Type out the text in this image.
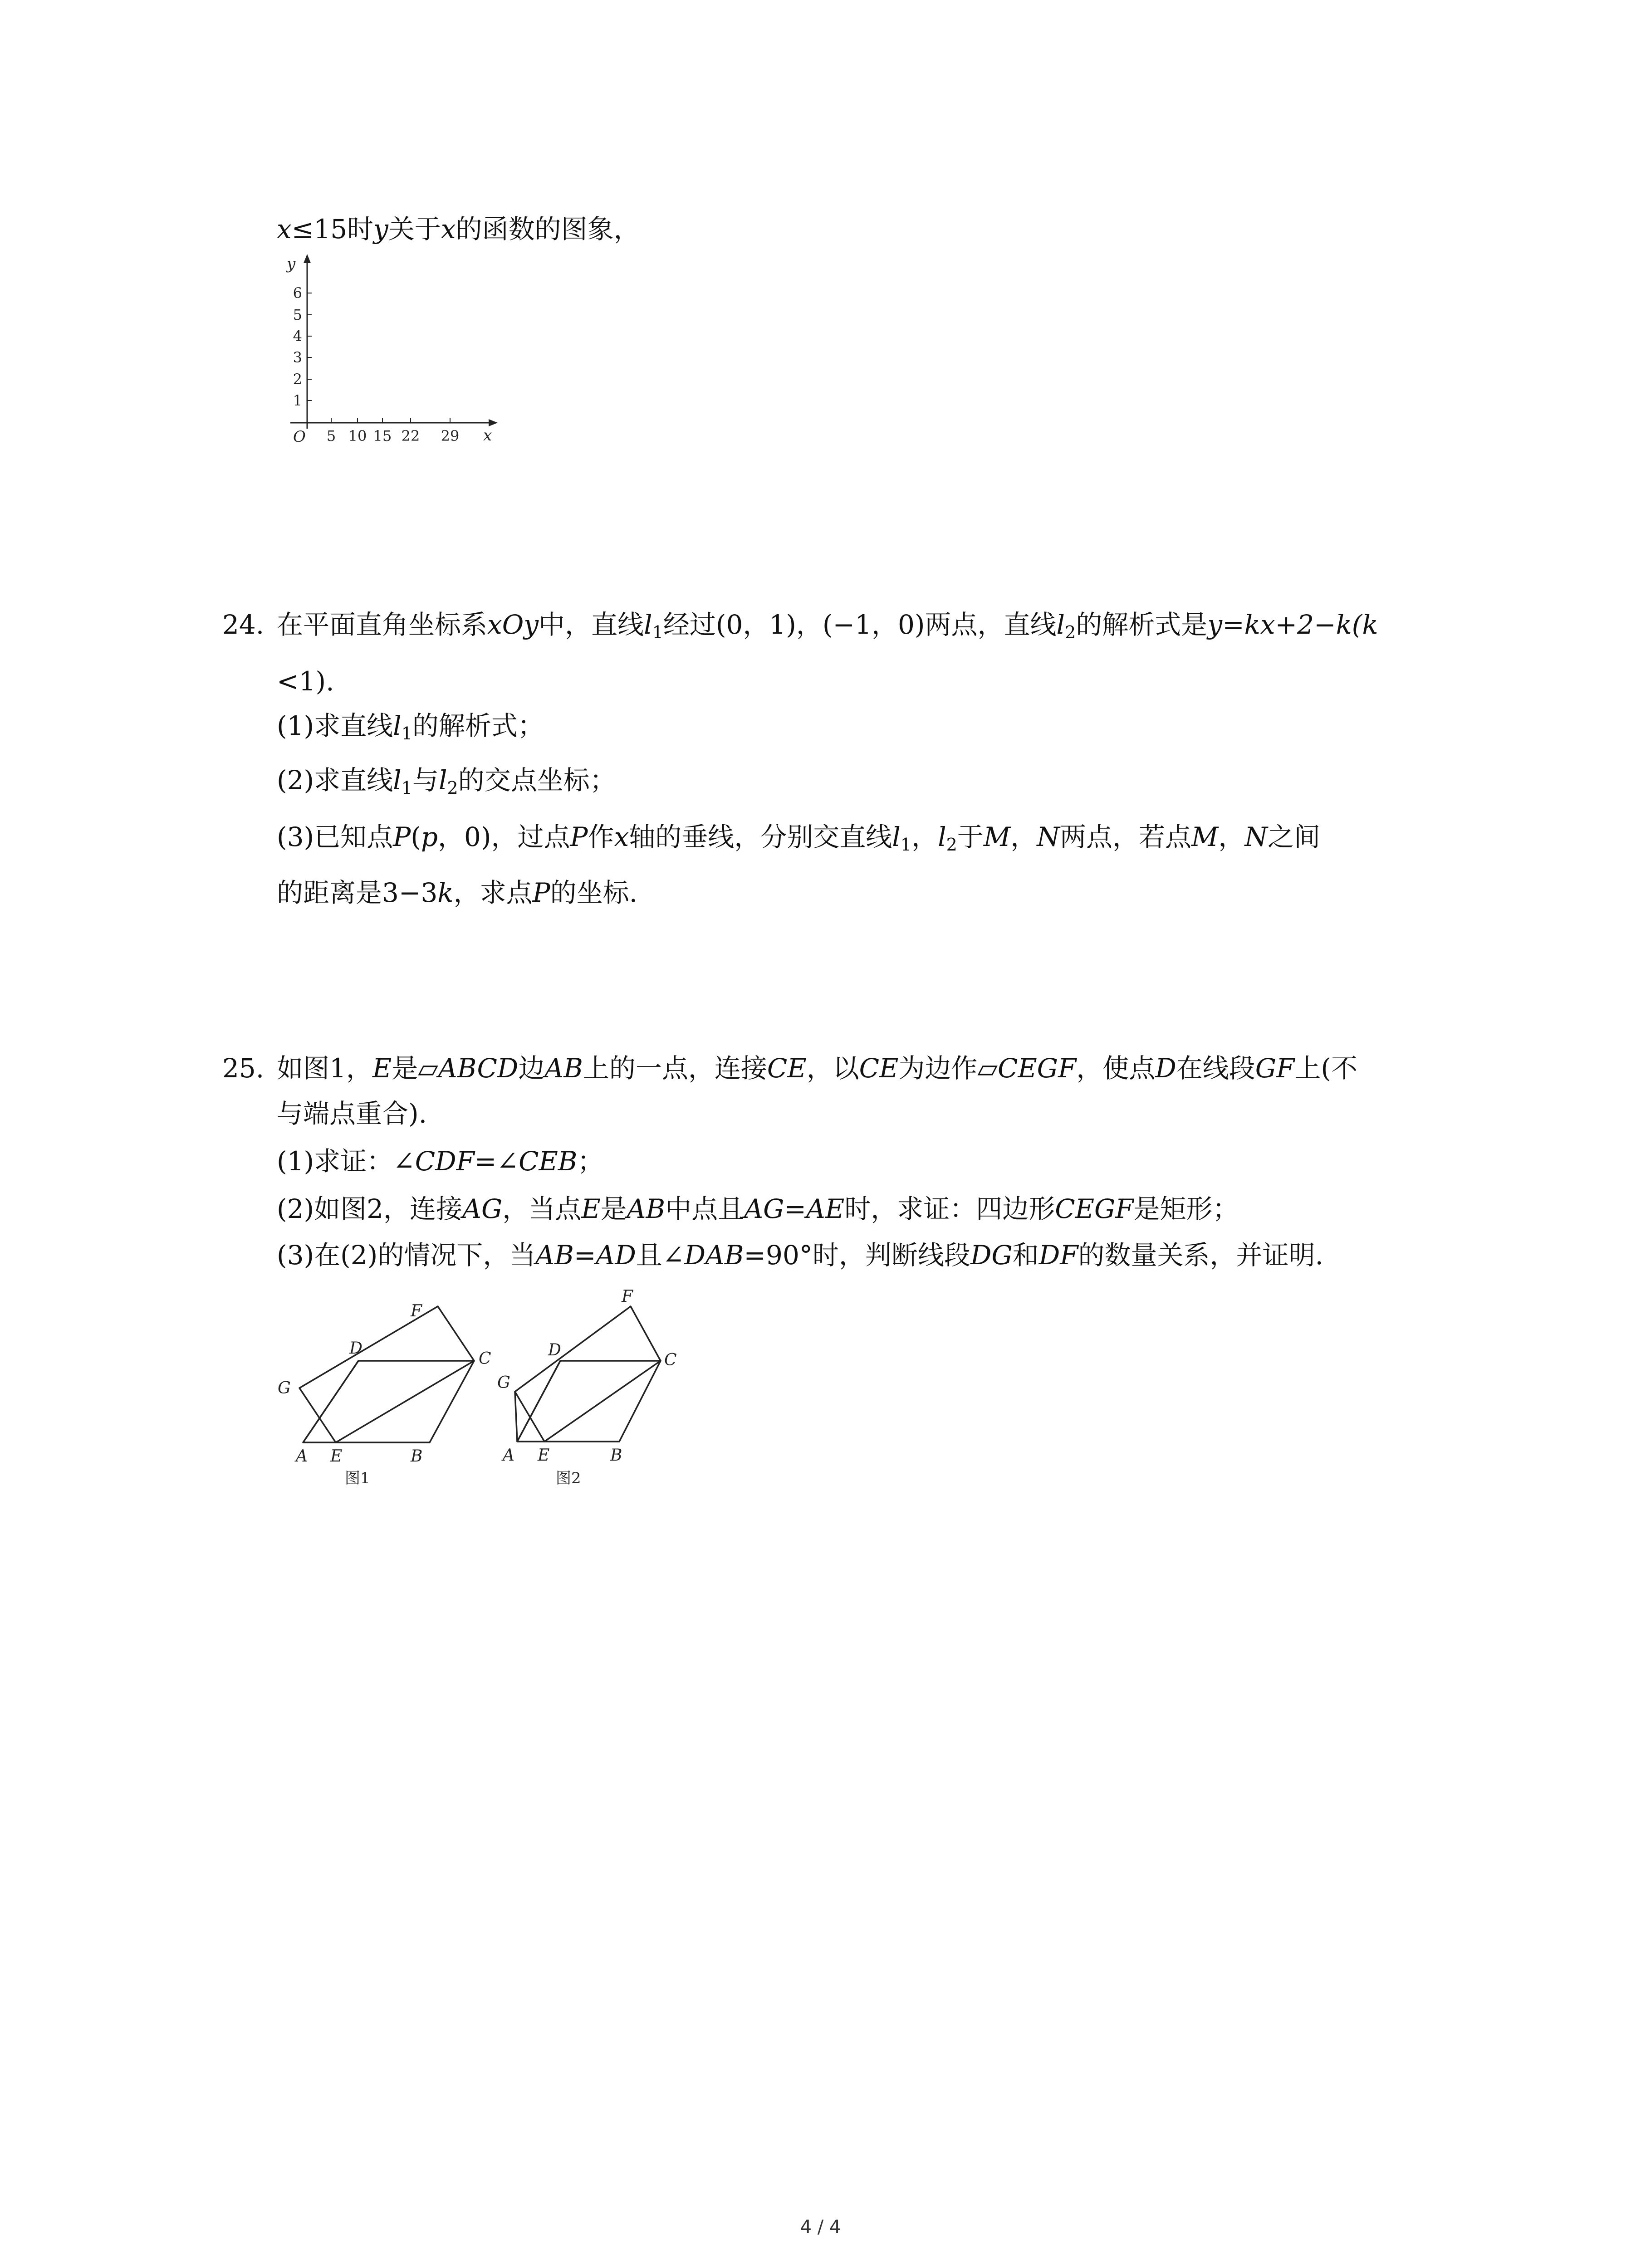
x≤15时y关于x的函数的图象，
1
2
3
4
5
6
5 10 15 22 29
O
y
x
24. 在平面直角坐标系xOy中，直线$l_1$经过(0，1)，(−1，0)两点，直线$l_2$的解析式是y=kx+2−k(k
<1).
(1)求直线$l_1$的解析式；
(2)求直线$l_1$与$l_2$的交点坐标；
(3)已知点P(p，0)，过点P作x轴的垂线，分别交直线$l_1$，$l_2$于M，N两点，若点M，N之间
的距离是3−3k，求点P的坐标.
25. 如图1，E是▱ABCD边AB上的一点，连接CE，以CE为边作▱CEGF，使点D在线段GF上(不
与端点重合).
(1)求证：∠CDF=∠CEB；
(2)如图2，连接AG，当点E是AB中点且AG=AE时，求证：四边形CEGF是矩形；
(3)在(2)的情况下，当AB=AD且∠DAB=90°时，判断线段DG和DF的数量关系，并证明.
A E	B
C
D
F
G
图1
A E	B
C
D
F
G
图2
4 / 4
